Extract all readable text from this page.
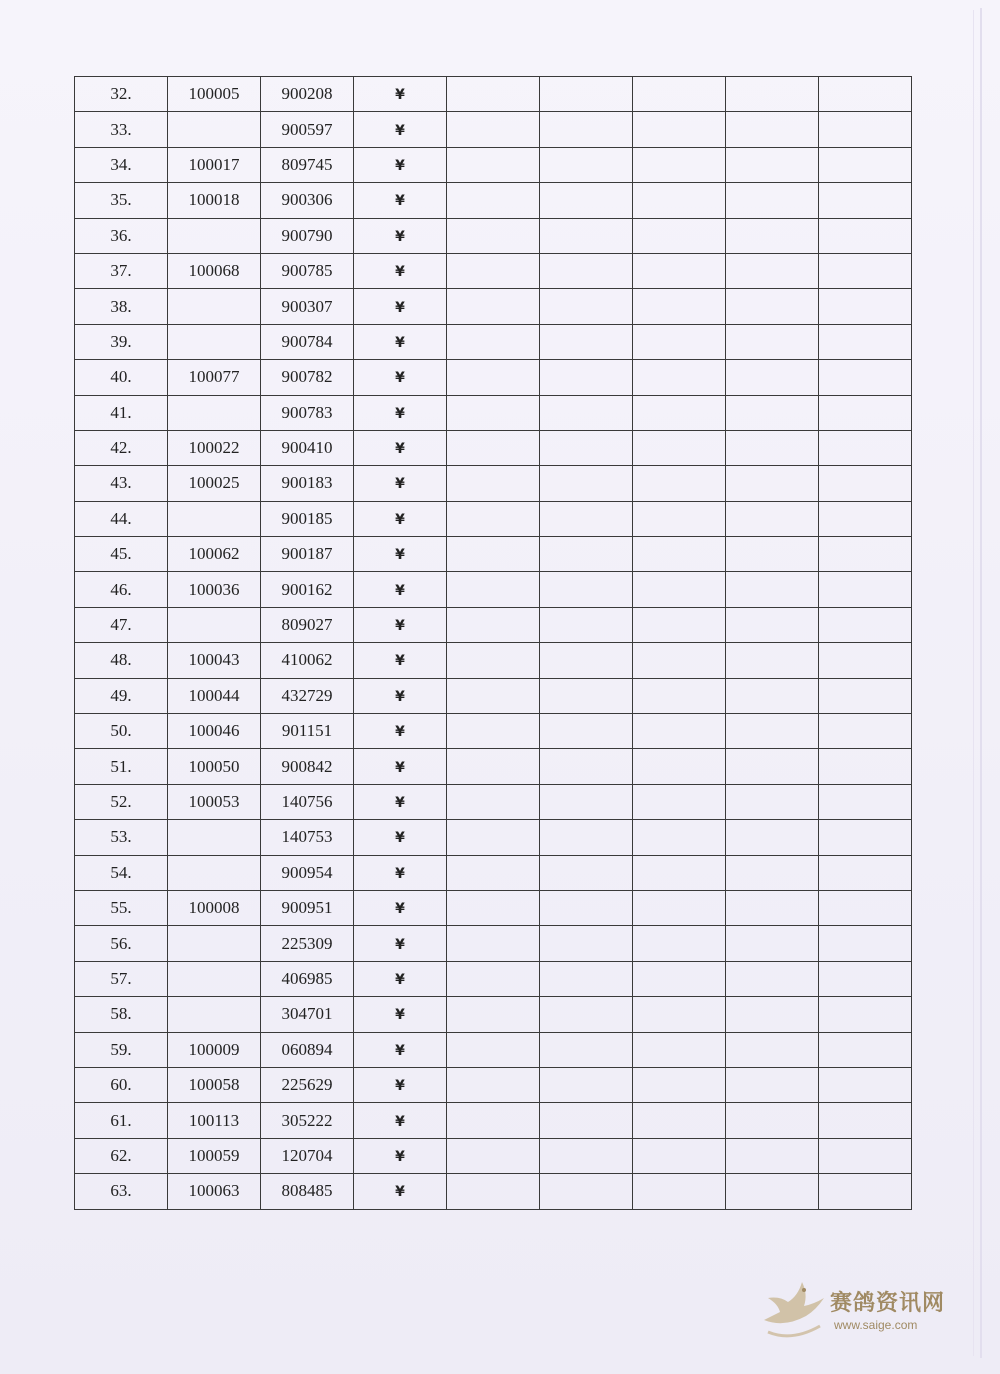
32.	100005	900208	¥					
33.		900597	¥					
34.	100017	809745	¥					
35.	100018	900306	¥					
36.		900790	¥					
37.	100068	900785	¥					
38.		900307	¥					
39.		900784	¥					
40.	100077	900782	¥					
41.		900783	¥					
42.	100022	900410	¥					
43.	100025	900183	¥					
44.		900185	¥					
45.	100062	900187	¥					
46.	100036	900162	¥					
47.		809027	¥					
48.	100043	410062	¥					
49.	100044	432729	¥					
50.	100046	901151	¥					
51.	100050	900842	¥					
52.	100053	140756	¥					
53.		140753	¥					
54.		900954	¥					
55.	100008	900951	¥					
56.		225309	¥					
57.		406985	¥					
58.		304701	¥					
59.	100009	060894	¥					
60.	100058	225629	¥					
61.	100113	305222	¥					
62.	100059	120704	¥					
63.	100063	808485	¥					
赛鸽资讯网
www.saige.com
